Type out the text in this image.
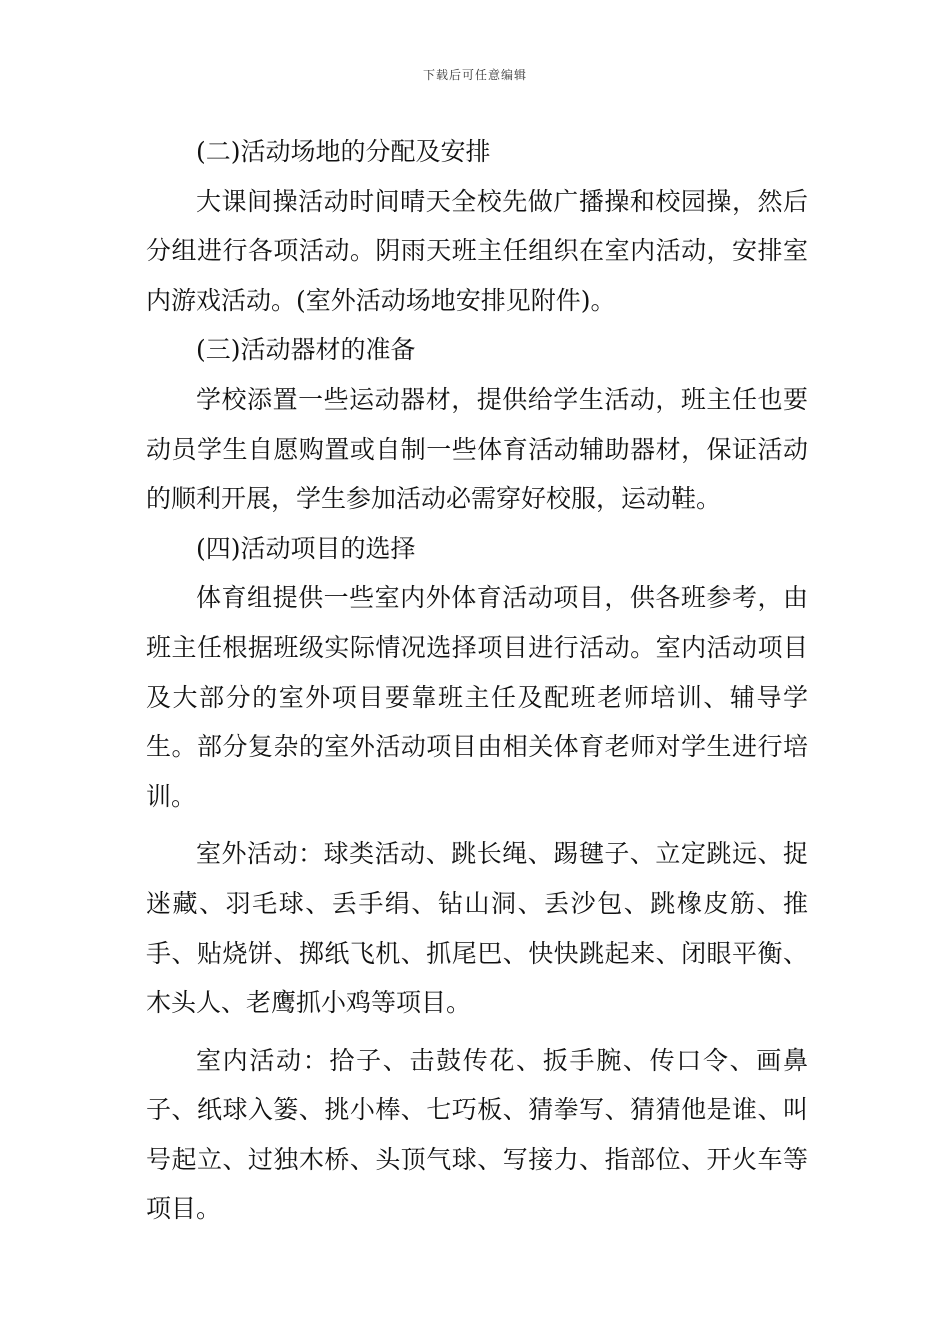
下载后可任意编辑

(二)活动场地的分配及安排

大课间操活动时间晴天全校先做广播操和校园操，然后分组进行各项活动。阴雨天班主任组织在室内活动，安排室内游戏活动。(室外活动场地安排见附件)。

(三)活动器材的准备

学校添置一些运动器材，提供给学生活动，班主任也要动员学生自愿购置或自制一些体育活动辅助器材，保证活动的顺利开展，学生参加活动必需穿好校服，运动鞋。

(四)活动项目的选择

体育组提供一些室内外体育活动项目，供各班参考，由班主任根据班级实际情况选择项目进行活动。室内活动项目及大部分的室外项目要靠班主任及配班老师培训、辅导学生。部分复杂的室外活动项目由相关体育老师对学生进行培训。

室外活动：球类活动、跳长绳、踢毽子、立定跳远、捉迷藏、羽毛球、丢手绢、钻山洞、丢沙包、跳橡皮筋、推手、贴烧饼、掷纸飞机、抓尾巴、快快跳起来、闭眼平衡、木头人、老鹰抓小鸡等项目。

室内活动：拾子、击鼓传花、扳手腕、传口令、画鼻子、纸球入篓、挑小棒、七巧板、猜拳写、猜猜他是谁、叫号起立、过独木桥、头顶气球、写接力、指部位、开火车等项目。
